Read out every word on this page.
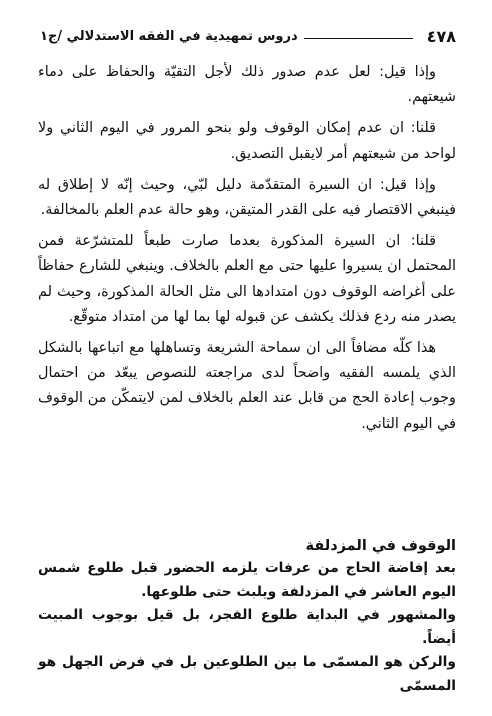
٤٧٨
دروس تمهيدية في الفقه الاستدلالي /ج١

وإذا قيل: لعل عدم صدور ذلك لأجل التقيّة والحفاظ على دماء شيعتهم.

قلنا: ان عدم إمكان الوقوف ولو بنحو المرور في اليوم الثاني ولا لواحد من شيعتهم أمر لايقبل التصديق.

وإذا قيل: ان السيرة المتقدّمة دليل لبّي، وحيث إنّه لا إطلاق له فينبغي الاقتصار فيه على القدر المتيقن، وهو حالة عدم العلم بالمخالفة.

قلنا: ان السيرة المذكورة بعدما صارت طبعاً للمتشرّعة فمن المحتمل ان يسيروا عليها حتى مع العلم بالخلاف. وينبغي للشارع حفاظاً على أغراضه الوقوف دون امتدادها الى مثل الحالة المذكورة، وحيث لم يصدر منه ردع فذلك يكشف عن قبوله لها بما لها من امتداد متوقّع.

هذا كلّه مضافاً الى ان سماحة الشريعة وتساهلها مع اتباعها بالشكل الذي يلمسه الفقيه واضحاً لدى مراجعته للنصوص يبعّد من احتمال وجوب إعادة الحج من قابل عند العلم بالخلاف لمن لايتمكّن من الوقوف في اليوم الثاني.

الوقوف في المزدلفة

بعد إفاضة الحاج من عرفات يلزمه الحضور قبل طلوع شمس اليوم العاشر في المزدلفة ويلبث حتى طلوعها.

والمشهور في البداية طلوع الفجر، بل قيل بوجوب المبيت أيضاً.

والركن هو المسمّى ما بين الطلوعين بل في فرض الجهل هو المسمّى
